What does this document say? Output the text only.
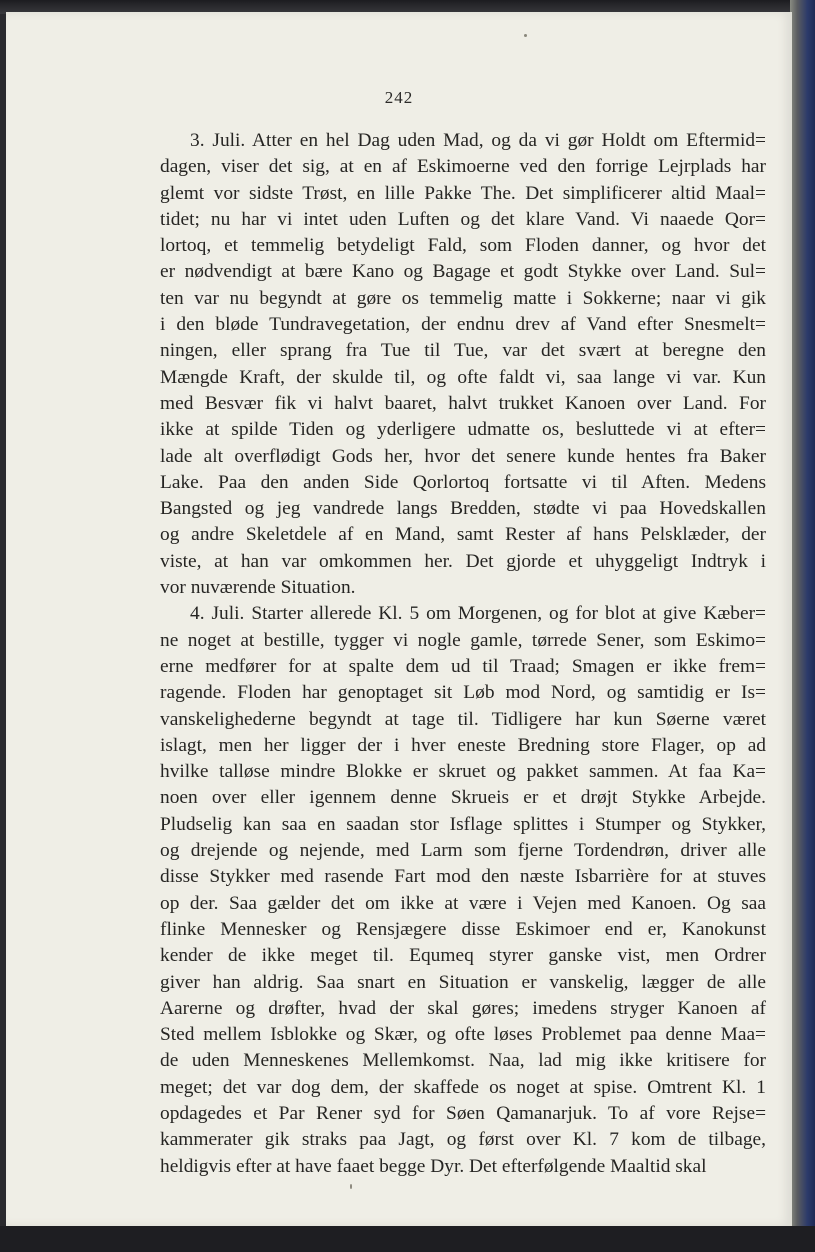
242

3. Juli. Atter en hel Dag uden Mad, og da vi gør Holdt om Eftermid=
dagen, viser det sig, at en af Eskimoerne ved den forrige Lejrplads har
glemt vor sidste Trøst, en lille Pakke The. Det simplificerer altid Maal=
tidet; nu har vi intet uden Luften og det klare Vand. Vi naaede Qor=
lortoq, et temmelig betydeligt Fald, som Floden danner, og hvor det
er nødvendigt at bære Kano og Bagage et godt Stykke over Land. Sul=
ten var nu begyndt at gøre os temmelig matte i Sokkerne; naar vi gik
i den bløde Tundravegetation, der endnu drev af Vand efter Snesmelt=
ningen, eller sprang fra Tue til Tue, var det svært at beregne den
Mængde Kraft, der skulde til, og ofte faldt vi, saa lange vi var. Kun
med Besvær fik vi halvt baaret, halvt trukket Kanoen over Land. For
ikke at spilde Tiden og yderligere udmatte os, besluttede vi at efter=
lade alt overflødigt Gods her, hvor det senere kunde hentes fra Baker
Lake. Paa den anden Side Qorlortoq fortsatte vi til Aften. Medens
Bangsted og jeg vandrede langs Bredden, stødte vi paa Hovedskallen
og andre Skeletdele af en Mand, samt Rester af hans Pelsklæder, der
viste, at han var omkommen her. Det gjorde et uhyggeligt Indtryk i
vor nuværende Situation.

4. Juli. Starter allerede Kl. 5 om Morgenen, og for blot at give Kæber=
ne noget at bestille, tygger vi nogle gamle, tørrede Sener, som Eskimo=
erne medfører for at spalte dem ud til Traad; Smagen er ikke frem=
ragende. Floden har genoptaget sit Løb mod Nord, og samtidig er Is=
vanskelighederne begyndt at tage til. Tidligere har kun Søerne været
islagt, men her ligger der i hver eneste Bredning store Flager, op ad
hvilke talløse mindre Blokke er skruet og pakket sammen. At faa Ka=
noen over eller igennem denne Skrueis er et drøjt Stykke Arbejde.
Pludselig kan saa en saadan stor Isflage splittes i Stumper og Stykker,
og drejende og nejende, med Larm som fjerne Tordendrøn, driver alle
disse Stykker med rasende Fart mod den næste Isbarrière for at stuves
op der. Saa gælder det om ikke at være i Vejen med Kanoen. Og saa
flinke Mennesker og Rensjægere disse Eskimoer end er, Kanokunst
kender de ikke meget til. Equmeq styrer ganske vist, men Ordrer
giver han aldrig. Saa snart en Situation er vanskelig, lægger de alle
Aarerne og drøfter, hvad der skal gøres; imedens stryger Kanoen af
Sted mellem Isblokke og Skær, og ofte løses Problemet paa denne Maa=
de uden Menneskenes Mellemkomst. Naa, lad mig ikke kritisere for
meget; det var dog dem, der skaffede os noget at spise. Omtrent Kl. 1
opdagedes et Par Rener syd for Søen Qamanarjuk. To af vore Rejse=
kammerater gik straks paa Jagt, og først over Kl. 7 kom de tilbage,
heldigvis efter at have faaet begge Dyr. Det efterfølgende Maaltid skal
